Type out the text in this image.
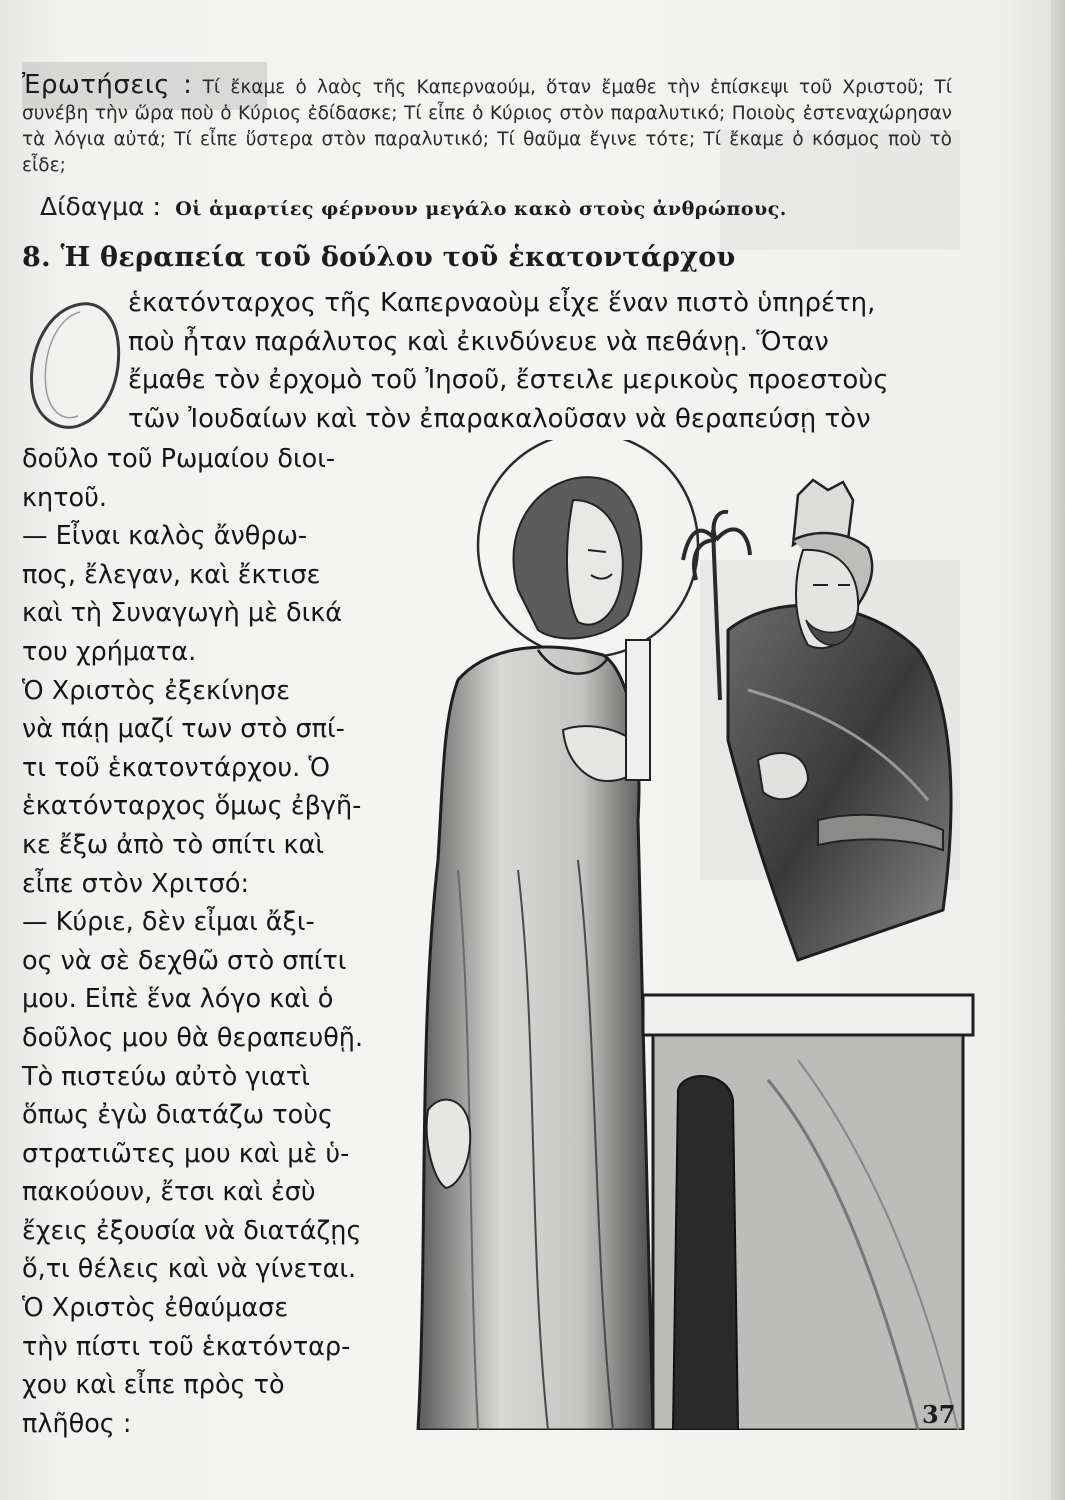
Ἐρωτήσεις : Τί ἔκαμε ὁ λαὸς τῆς Καπερναούμ, ὅταν ἔμαθε τὴν ἐπίσκεψι τοῦ Χριστοῦ; Τί συνέβη τὴν ὥρα ποὺ ὁ Κύριος ἐδίδασκε; Τί εἶπε ὁ Κύριος στὸν παραλυτικό; Ποιοὺς ἐστεναχώρησαν τὰ λόγια αὐτά; Τί εἶπε ὕστερα στὸν παραλυτικό; Τί θαῦμα ἔγινε τότε; Τί ἔκαμε ὁ κόσμος ποὺ τὸ εἶδε;
Δίδαγμα : Οἱ ἁμαρτίες φέρνουν μεγάλο κακὸ στοὺς ἀνθρώπους.
8. Ἡ θεραπεία τοῦ δούλου τοῦ ἑκατοντάρχου
ἑκατόνταρχος τῆς Καπερναοὺμ εἶχε ἕναν πιστὸ ὑπηρέτη,
ποὺ ἦταν παράλυτος καὶ ἐκινδύνευε νὰ πεθάνῃ. Ὅταν
ἔμαθε τὸν ἐρχομὸ τοῦ Ἰησοῦ, ἔστειλε μερικοὺς προεστοὺς
τῶν Ἰουδαίων καὶ τὸν ἐπαρακαλοῦσαν νὰ θεραπεύσῃ τὸν
δοῦλο τοῦ Ρωμαίου διοι-
κητοῦ.
— Εἶναι καλὸς ἄνθρω-
πος, ἔλεγαν, καὶ ἔκτισε
καὶ τὴ Συναγωγὴ μὲ δικά
του χρήματα.
Ὁ Χριστὸς ἐξεκίνησε
νὰ πάῃ μαζί των στὸ σπί-
τι τοῦ ἑκατοντάρχου. Ὁ
ἑκατόνταρχος ὅμως ἐβγῆ-
κε ἔξω ἀπὸ τὸ σπίτι καὶ
εἶπε στὸν Χριτσό:
— Κύριε, δὲν εἶμαι ἄξι-
ος νὰ σὲ δεχθῶ στὸ σπίτι
μου. Εἰπὲ ἕνα λόγο καὶ ὁ
δοῦλος μου θὰ θεραπευθῇ.
Τὸ πιστεύω αὐτὸ γιατὶ
ὅπως ἐγὼ διατάζω τοὺς
στρατιῶτες μου καὶ μὲ ὑ-
πακούουν, ἔτσι καὶ ἐσὺ
ἔχεις ἐξουσία νὰ διατάζῃς
ὅ,τι θέλεις καὶ νὰ γίνεται.
Ὁ Χριστὸς ἐθαύμασε
τὴν πίστι τοῦ ἑκατόνταρ-
χου καὶ εἶπε πρὸς τὸ
πλῆθος :	37
